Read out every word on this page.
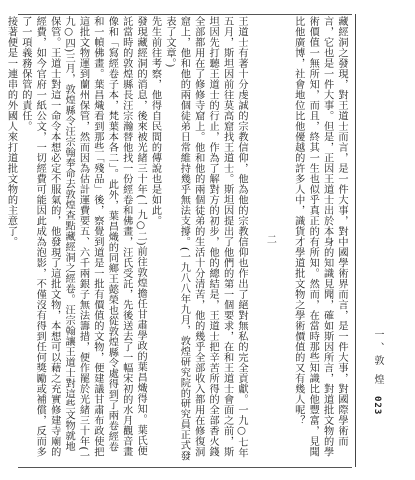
藏經洞之發現，對王道士而言，是一件大事，對中國學術界而言，是一件大事，對國際學術而言，它也是一件大事。但是，正因王道士出於本身的知識見聞，確如斯因所言，對道批文物的學術價值一無所知，而且，終其一生也似乎真正的有所知。然而，在當時那些知識比他豐富，見聞比他廣博，社會地位比他優越的許多人中，識貨才學道批文物之學術價值的又有幾人呢？

二

王道士有著十分虔誠的宗教信仰，他為他的宗教信仰也作出了絕對無私的完全貢獻。一九○七年五月，斯坦因前往莫高窟找王道士。斯坦因提出了他們的第一個要求，在和王道士會面之前，斯坦因先打聽王道士的行止，作為了解對方的初步，他的總結是，王道士把辛苦所得的全部香火錢全部都用在了修修寺窟上。他和他的兩個徒弟的生活十分清苦，他的幾乎全部收入都用在修復洞窟上，他和他的兩個徒弟日常維持幾乎無法支撐。(一九八八年九月，敦煌研究院的研究員正式發表了文章。)

先生前往考察，他得自民間的傳說也是如此。

發現藏經洞的消息，後來被光緒三十年(一九○二)前往敦煌擔任甘肅學政的葉昌熾得知。葉氏便託當時的敦煌縣長汪宗瀚替他找一份經卷和佛畫，汪氏受託，先後送去了一幅宋初的水月觀音畫像和「寫經卷子本，梵葉本各二」。此外，葉昌熾的同鄉王懿榮也從敦煌縣令處得到了兩卷經卷和一幀佛畫。葉昌熾看到那些「殘品」後，察覺到道是一批有價值的文物，便建議甘肅布政使把這批文物運到蘭州保管，然而因為估計運費要五、六千兩銀子無法籌措，便作罷於光緒三十年(一九○四)三月，敦煌縣令汪宗翰奉命去敦煌查點藏經洞之經卷。汪宗翰讓王道士對這些文物就地保管。王道士對這一命令本想必定不服氣的，他發現了這批文物，本想可以藉之充實修建寺廟的經費，如今官府一紙公文，一切經費可能因此成為泡影，不僅沒有得到任何獎勵或補償，反而多了一項義務保管的責任。

接著便是一連串的外國人來打道批文物的主意了。

一、敦 煌
023
